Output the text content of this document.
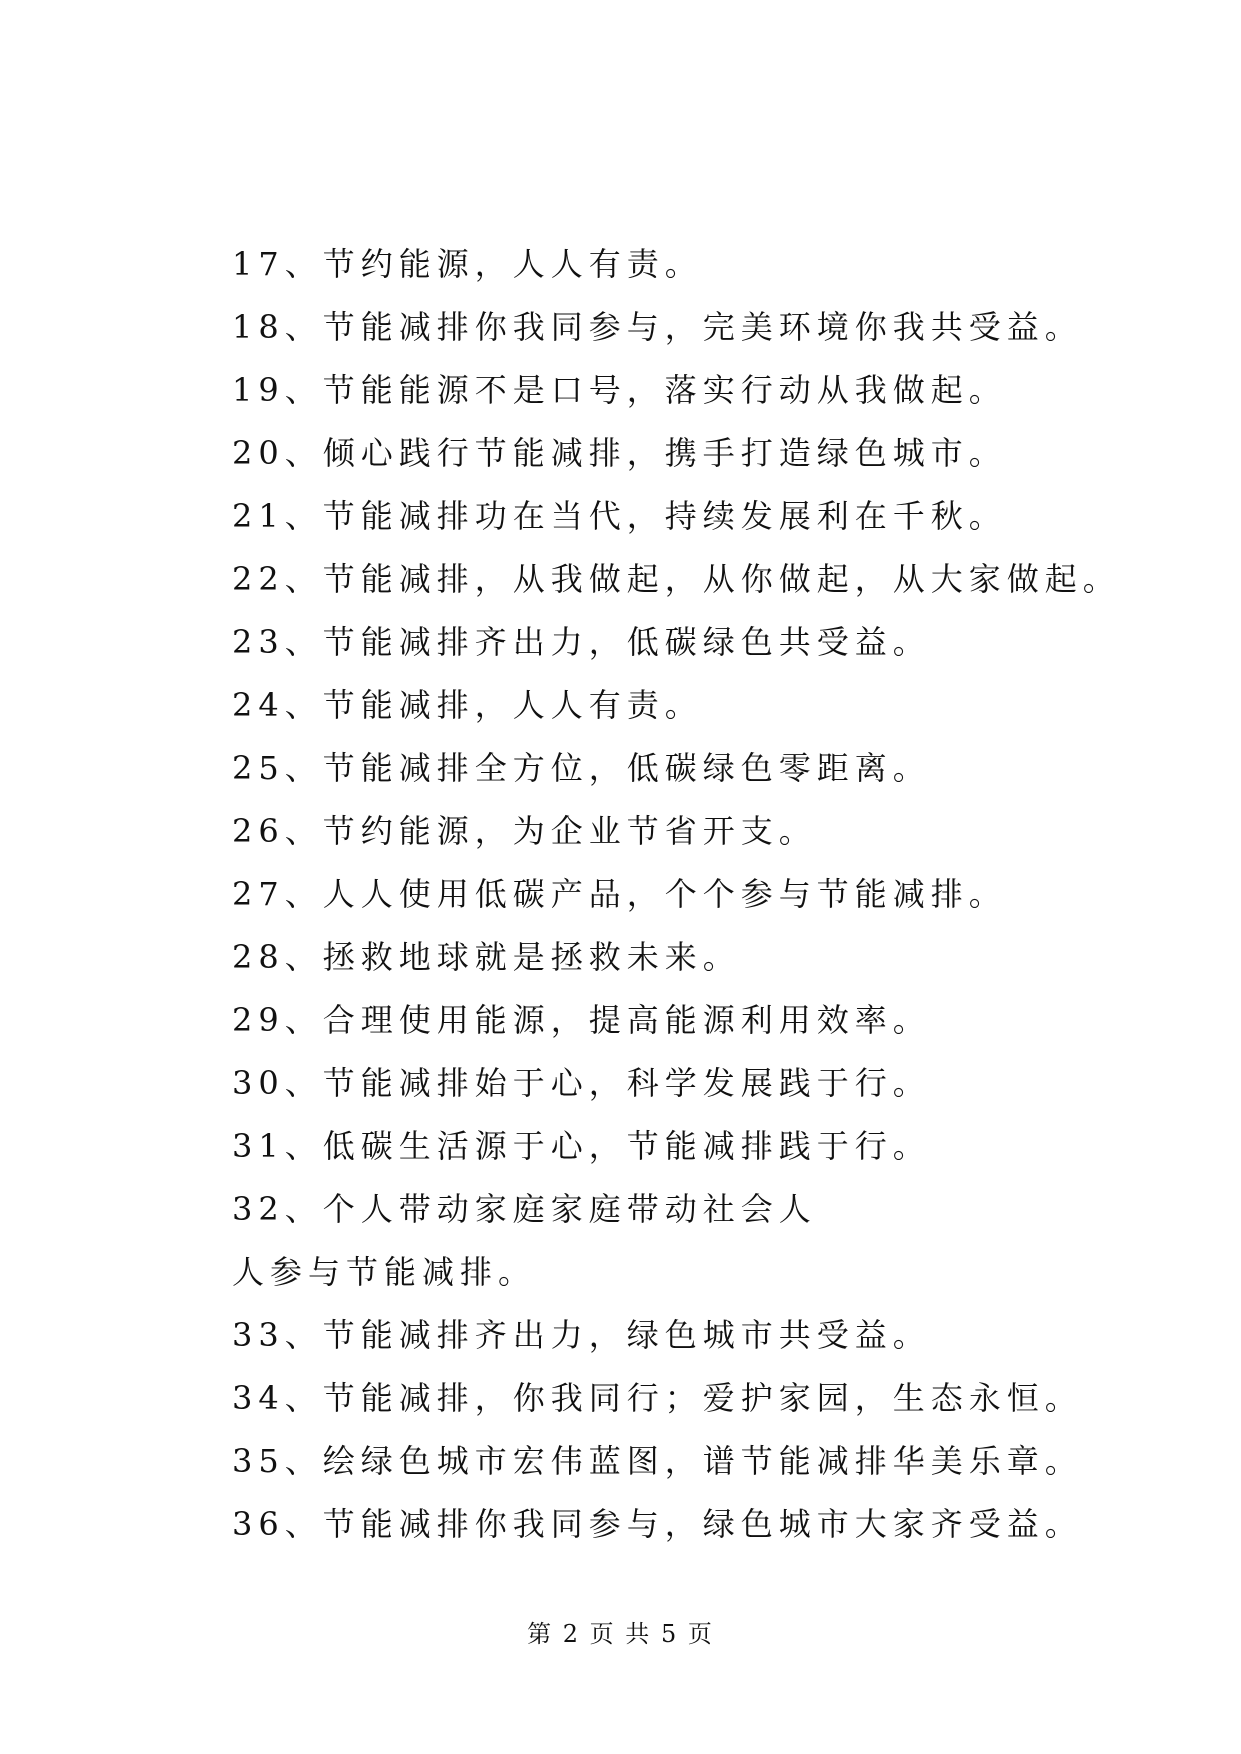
17、节约能源，人人有责。
18、节能减排你我同参与，完美环境你我共受益。
19、节能能源不是口号，落实行动从我做起。
20、倾心践行节能减排，携手打造绿色城市。
21、节能减排功在当代，持续发展利在千秋。
22、节能减排，从我做起，从你做起，从大家做起。
23、节能减排齐出力，低碳绿色共受益。
24、节能减排，人人有责。
25、节能减排全方位，低碳绿色零距离。
26、节约能源，为企业节省开支。
27、人人使用低碳产品，个个参与节能减排。
28、拯救地球就是拯救未来。
29、合理使用能源，提高能源利用效率。
30、节能减排始于心，科学发展践于行。
31、低碳生活源于心，节能减排践于行。
32、个人带动家庭家庭带动社会人
人参与节能减排。
33、节能减排齐出力，绿色城市共受益。
34、节能减排，你我同行；爱护家园，生态永恒。
35、绘绿色城市宏伟蓝图，谱节能减排华美乐章。
36、节能减排你我同参与，绿色城市大家齐受益。
第 2 页 共 5 页
